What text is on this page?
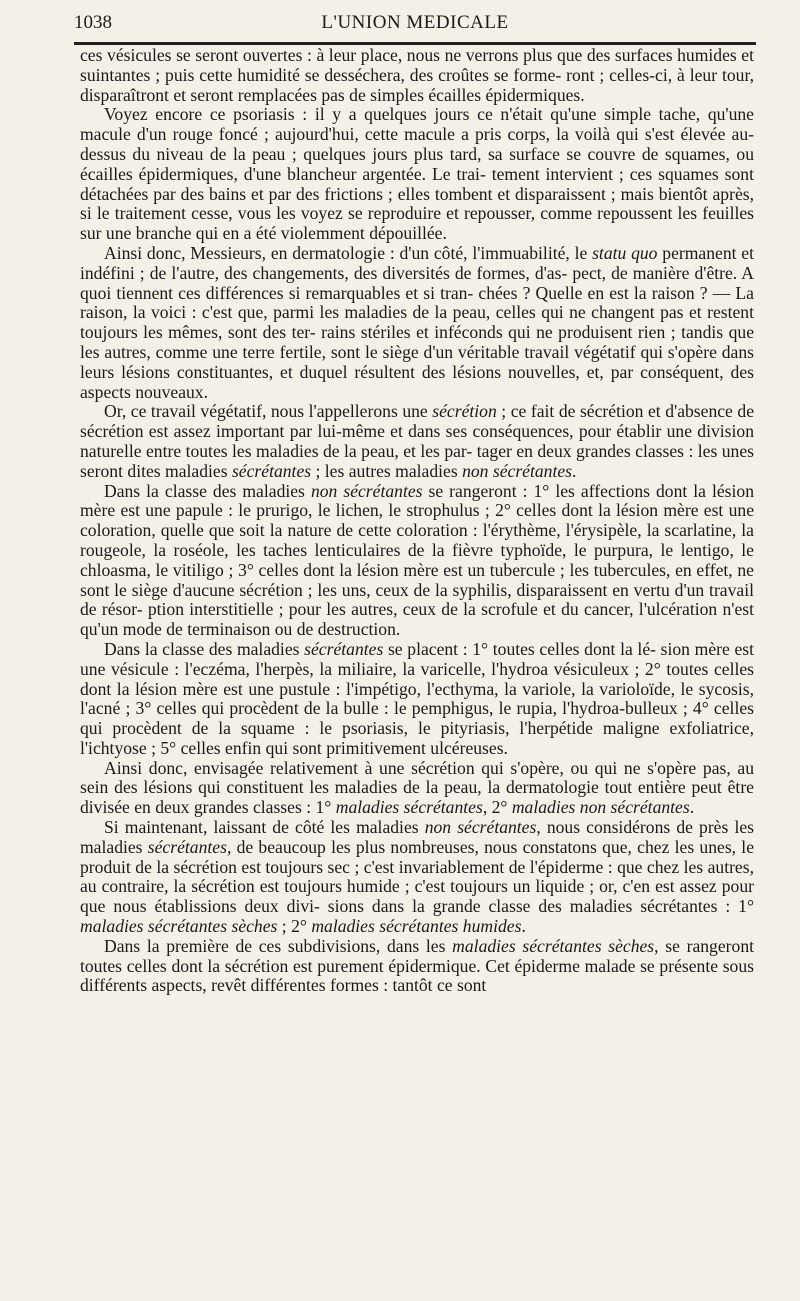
1038	L'UNION MEDICALE

ces vésicules se seront ouvertes : à leur place, nous ne verrons plus que des surfaces humides et suintantes ; puis cette humidité se desséchera, des croûtes se forme- ront ; celles-ci, à leur tour, disparaîtront et seront remplacées pas de simples écailles épidermiques.

Voyez encore ce psoriasis : il y a quelques jours ce n'était qu'une simple tache, qu'une macule d'un rouge foncé ; aujourd'hui, cette macule a pris corps, la voilà qui s'est élevée au-dessus du niveau de la peau ; quelques jours plus tard, sa surface se couvre de squames, ou écailles épidermiques, d'une blancheur argentée. Le trai- tement intervient ; ces squames sont détachées par des bains et par des frictions ; elles tombent et disparaissent ; mais bientôt après, si le traitement cesse, vous les voyez se reproduire et repousser, comme repoussent les feuilles sur une branche qui en a été violemment dépouillée.

Ainsi donc, Messieurs, en dermatologie : d'un côté, l'immuabilité, le statu quo permanent et indéfini ; de l'autre, des changements, des diversités de formes, d'as- pect, de manière d'être. A quoi tiennent ces différences si remarquables et si tran- chées ? Quelle en est la raison ? — La raison, la voici : c'est que, parmi les maladies de la peau, celles qui ne changent pas et restent toujours les mêmes, sont des ter- rains stériles et inféconds qui ne produisent rien ; tandis que les autres, comme une terre fertile, sont le siège d'un véritable travail végétatif qui s'opère dans leurs lésions constituantes, et duquel résultent des lésions nouvelles, et, par conséquent, des aspects nouveaux.

Or, ce travail végétatif, nous l'appellerons une sécrétion ; ce fait de sécrétion et d'absence de sécrétion est assez important par lui-même et dans ses conséquences, pour établir une division naturelle entre toutes les maladies de la peau, et les par- tager en deux grandes classes : les unes seront dites maladies sécrétantes ; les autres maladies non sécrétantes.

Dans la classe des maladies non sécrétantes se rangeront : 1° les affections dont la lésion mère est une papule : le prurigo, le lichen, le strophulus ; 2° celles dont la lésion mère est une coloration, quelle que soit la nature de cette coloration : l'érythème, l'érysipèle, la scarlatine, la rougeole, la roséole, les taches lenticulaires de la fièvre typhoïde, le purpura, le lentigo, le chloasma, le vitiligo ; 3° celles dont la lésion mère est un tubercule ; les tubercules, en effet, ne sont le siège d'aucune sécrétion ; les uns, ceux de la syphilis, disparaissent en vertu d'un travail de résor- ption interstitielle ; pour les autres, ceux de la scrofule et du cancer, l'ulcération n'est qu'un mode de terminaison ou de destruction.

Dans la classe des maladies sécrétantes se placent : 1° toutes celles dont la lé- sion mère est une vésicule : l'eczéma, l'herpès, la miliaire, la varicelle, l'hydroa vésiculeux ; 2° toutes celles dont la lésion mère est une pustule : l'impétigo, l'ecthyma, la variole, la varioloïde, le sycosis, l'acné ; 3° celles qui procèdent de la bulle : le pemphigus, le rupia, l'hydroa-bulleux ; 4° celles qui procèdent de la squame : le psoriasis, le pityriasis, l'herpétide maligne exfoliatrice, l'ichtyose ; 5° celles enfin qui sont primitivement ulcéreuses.

Ainsi donc, envisagée relativement à une sécrétion qui s'opère, ou qui ne s'opère pas, au sein des lésions qui constituent les maladies de la peau, la dermatologie tout entière peut être divisée en deux grandes classes : 1° maladies sécrétantes, 2° maladies non sécrétantes.

Si maintenant, laissant de côté les maladies non sécrétantes, nous considérons de près les maladies sécrétantes, de beaucoup les plus nombreuses, nous constatons que, chez les unes, le produit de la sécrétion est toujours sec ; c'est invariablement de l'épiderme : que chez les autres, au contraire, la sécrétion est toujours humide ; c'est toujours un liquide ; or, c'en est assez pour que nous établissions deux divi- sions dans la grande classe des maladies sécrétantes : 1° maladies sécrétantes sèches ; 2° maladies sécrétantes humides.

Dans la première de ces subdivisions, dans les maladies sécrétantes sèches, se rangeront toutes celles dont la sécrétion est purement épidermique. Cet épiderme malade se présente sous différents aspects, revêt différentes formes : tantôt ce sont
